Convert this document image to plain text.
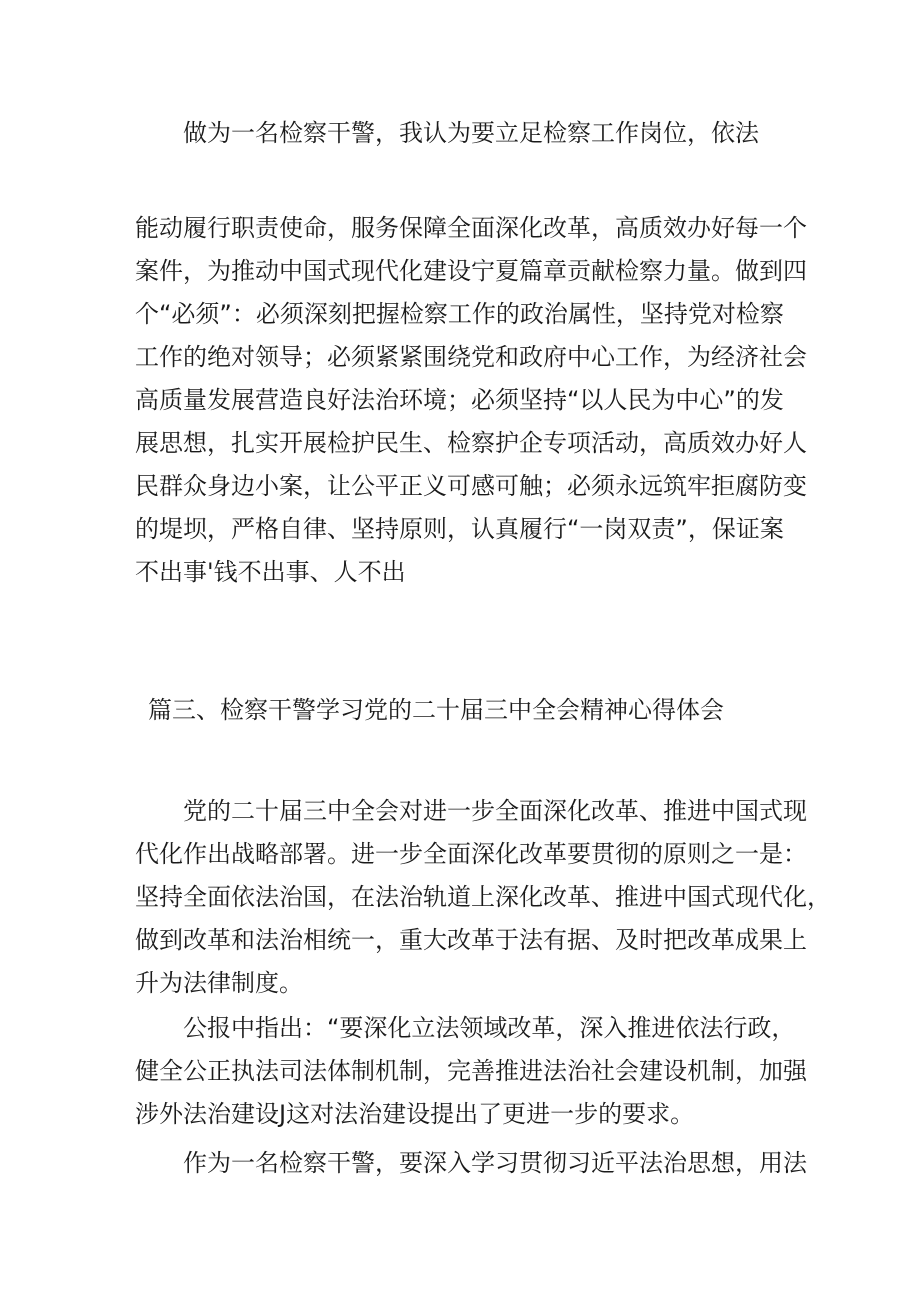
做为一名检察干警，我认为要立足检察工作岗位，依法
能动履行职责使命，服务保障全面深化改革，高质效办好每一个
案件，为推动中国式现代化建设宁夏篇章贡献检察力量。做到四
个“必须”：必须深刻把握检察工作的政治属性，坚持党对检察
工作的绝对领导；必须紧紧围绕党和政府中心工作，为经济社会
高质量发展营造良好法治环境；必须坚持“以人民为中心”的发
展思想，扎实开展检护民生、检察护企专项活动，高质效办好人
民群众身边小案，让公平正义可感可触；必须永远筑牢拒腐防变
的堤坝，严格自律、坚持原则，认真履行“一岗双责”，保证案
不出事'钱不出事、人不出
篇三、检察干警学习党的二十届三中全会精神心得体会
党的二十届三中全会对进一步全面深化改革、推进中国式现
代化作出战略部署。进一步全面深化改革要贯彻的原则之一是：
坚持全面依法治国，在法治轨道上深化改革、推进中国式现代化，
做到改革和法治相统一，重大改革于法有据、及时把改革成果上
升为法律制度。
公报中指出：“要深化立法领域改革，深入推进依法行政，
健全公正执法司法体制机制，完善推进法治社会建设机制，加强
涉外法治建设J这对法治建设提出了更进一步的要求。
作为一名检察干警，要深入学习贯彻习近平法治思想，用法
